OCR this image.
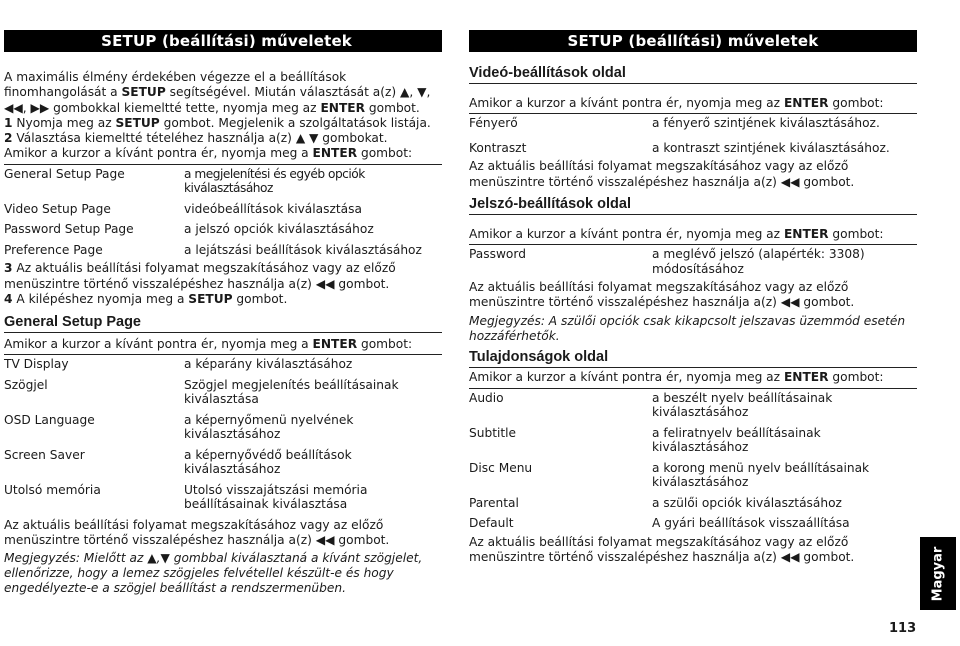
SETUP (beállítási) műveletek

A maximális élmény érdekében végezze el a beállítások finomhangolását a SETUP segítségével. Miután választását a(z) ▲, ▼, ◀◀, ▶▶ gombokkal kiemeltté tette, nyomja meg az ENTER gombot.

1 Nyomja meg az SETUP gombot. Megjelenik a szolgáltatások listája.

2 Választása kiemeltté tételéhez használja a(z) ▲ ▼ gombokat.

Amikor a kurzor a kívánt pontra ér, nyomja meg a ENTER gombot:

General Setup Page	a megjelenítési és egyéb opciók kiválasztásához
Video Setup Page	videóbeállítások kiválasztása
Password Setup Page	a jelszó opciók kiválasztásához
Preference Page	a lejátszási beállítások kiválasztásához

3 Az aktuális beállítási folyamat megszakításához vagy az előző menüszintre történő visszalépéshez használja a(z) ◀◀ gombot.

4 A kilépéshez nyomja meg a SETUP gombot.

General Setup Page

Amikor a kurzor a kívánt pontra ér, nyomja meg a ENTER gombot:

TV Display	a képarány kiválasztásához
Szögjel	Szögjel megjelenítés beállításainak kiválasztása
OSD Language	a képernyőmenü nyelvének kiválasztásához
Screen Saver	a képernyővédő beállítások kiválasztásához
Utolsó memória	Utolsó visszajátszási memória beállításainak kiválasztása

Az aktuális beállítási folyamat megszakításához vagy az előző menüszintre történő visszalépéshez használja a(z) ◀◀ gombot.

Megjegyzés: Mielőtt az ▲,▼ gombbal kiválasztaná a kívánt szögjelet, ellenőrizze, hogy a lemez szögjeles felvétellel készült-e és hogy engedélyezte-e a szögjel beállítást a rendszermenüben.

SETUP (beállítási) műveletek
Videó-beállítások oldal

Amikor a kurzor a kívánt pontra ér, nyomja meg az ENTER gombot:

Fényerő	a fényerő szintjének kiválasztásához.
Kontraszt	a kontraszt szintjének kiválasztásához.

Az aktuális beállítási folyamat megszakításához vagy az előző menüszintre történő visszalépéshez használja a(z) ◀◀ gombot.

Jelszó-beállítások oldal

Amikor a kurzor a kívánt pontra ér, nyomja meg az ENTER gombot:

Password	a meglévő jelszó (alapérték: 3308) módosításához

Az aktuális beállítási folyamat megszakításához vagy az előző menüszintre történő visszalépéshez használja a(z) ◀◀ gombot.

Megjegyzés: A szülői opciók csak kikapcsolt jelszavas üzemmód esetén hozzáférhetők.

Tulajdonságok oldal

Amikor a kurzor a kívánt pontra ér, nyomja meg az ENTER gombot:

Audio	a beszélt nyelv beállításainak kiválasztásához
Subtitle	a feliratnyelv beállításainak kiválasztásához
Disc Menu	a korong menü nyelv beállításainak kiválasztásához
Parental	a szülői opciók kiválasztásához
Default	A gyári beállítások visszaállítása

Az aktuális beállítási folyamat megszakításához vagy az előző menüszintre történő visszalépéshez használja a(z) ◀◀ gombot.	Magyar
113
